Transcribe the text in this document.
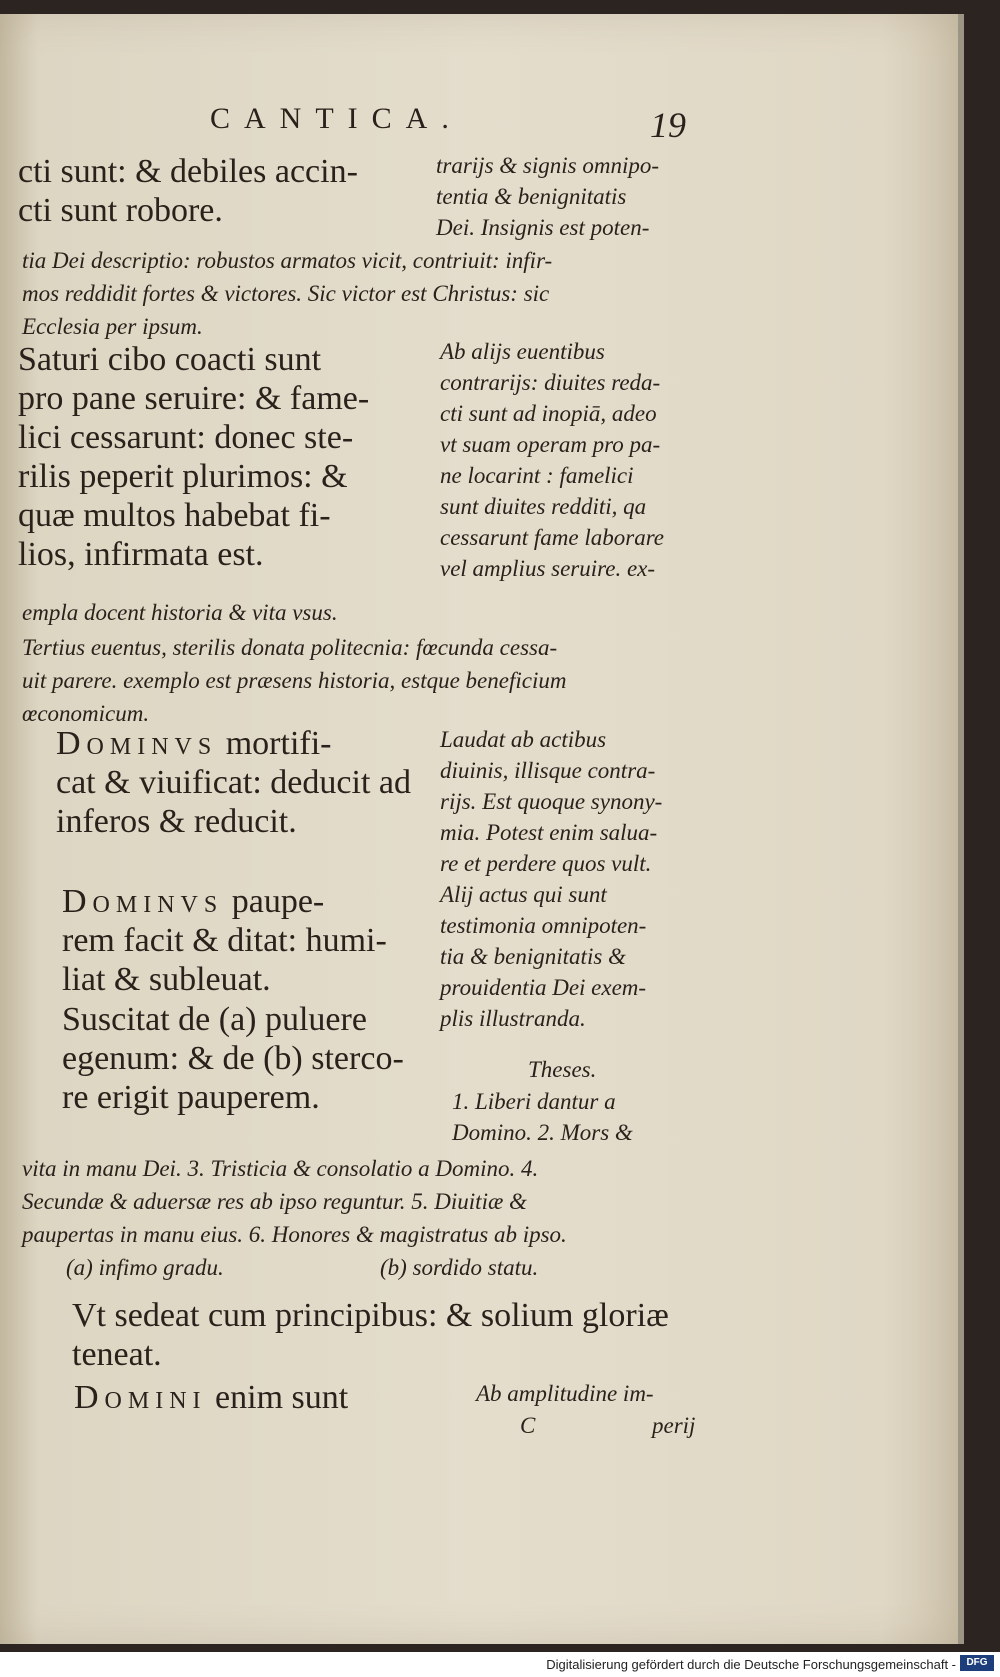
CANTICA.	19
cti sunt: & debiles accin-
cti sunt robore.
trarijs & signis omnipo-
tentia & benignitatis
Dei. Insignis est poten-
tia Dei descriptio: robustos armatos vicit, contriuit: infir-
mos reddidit fortes & victores. Sic victor est Christus: sic
Ecclesia per ipsum.
Saturi cibo coacti sunt
pro pane seruire: & fame-
lici cessarunt: donec ste-
rilis peperit plurimos: &
quæ multos habebat fi-
lios, infirmata est.
Ab alijs euentibus
contrarijs: diuites reda-
cti sunt ad inopiā, adeo
vt suam operam pro pa-
ne locarint : famelici
sunt diuites redditi, qa
cessarunt fame laborare
vel amplius seruire. ex-
empla docent historia & vita vsus.
Tertius euentus, sterilis donata politecnia: fœcunda cessa-
uit parere. exemplo est præsens historia, estque beneficium
œconomicum.
Dominvs mortifi-
cat & viuificat: deducit ad
inferos & reducit.
Laudat ab actibus
diuinis, illisque contra-
rijs. Est quoque synony-
mia. Potest enim salua-
re et perdere quos vult.
Alij actus qui sunt
testimonia omnipoten-
tia & benignitatis &
prouidentia Dei exem-
plis illustranda.
Dominvs paupe-
rem facit & ditat: humi-
liat & subleuat.
Suscitat de (a) puluere
egenum: & de (b) sterco-
re erigit pauperem.
Theses.
1. Liberi dantur a
Domino. 2. Mors &
vita in manu Dei. 3. Tristicia & consolatio a Domino. 4.
Secundæ & aduersæ res ab ipso reguntur. 5. Diuitiæ &
paupertas in manu eius. 6. Honores & magistratus ab ipso.
(a) infimo gradu.	(b) sordido statu.
Vt sedeat cum principibus: & solium gloriæ
teneat.
Domini enim sunt	Ab amplitudine im-
C	perij
Digitalisierung gefördert durch die Deutsche Forschungsgemeinschaft -	DFG
